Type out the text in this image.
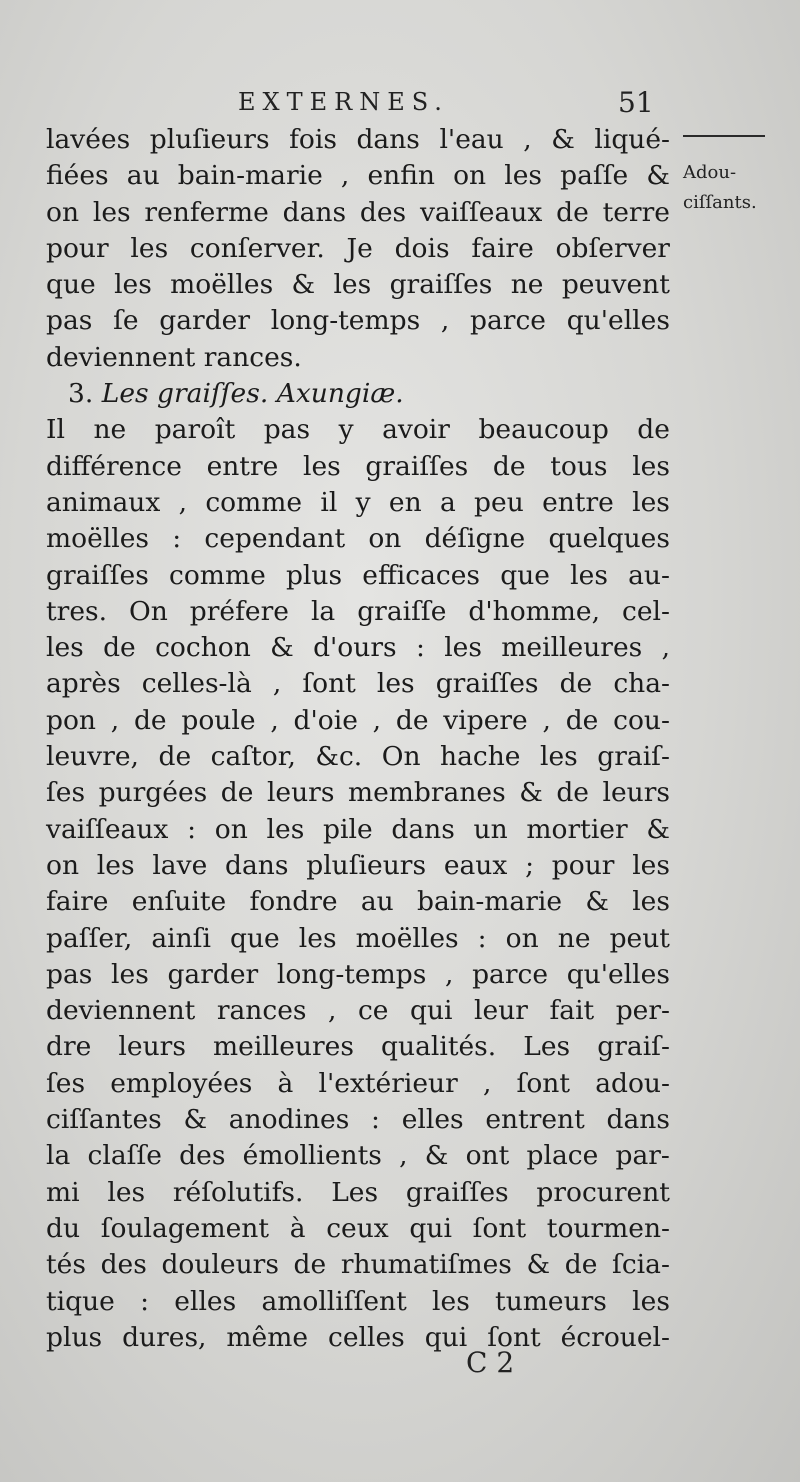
EXTERNES.	51
Adou-
ciſſants.
lavées pluſieurs fois dans l'eau , & liqué-
fiées au bain-marie , enfin on les paſſe &
on les renferme dans des vaiſſeaux de terre
pour les conſerver. Je dois faire obſerver
que les moëlles & les graiſſes ne peuvent
pas ſe garder long-temps , parce qu'elles
deviennent rances.
3.
Les graiſſes. Axungiæ.
Il ne paroît pas y avoir beaucoup de
différence entre les graiſſes de tous les
animaux , comme il y en a peu entre les
moëlles : cependant on déſigne quelques
graiſſes comme plus efficaces que les au-
tres. On préfere la graiſſe d'homme, cel-
les de cochon & d'ours : les meilleures ,
après celles-là , ſont les graiſſes de cha-
pon , de poule , d'oie , de vipere , de cou-
leuvre, de caſtor, &c. On hache les graiſ-
ſes purgées de leurs membranes & de leurs
vaiſſeaux : on les pile dans un mortier &
on les lave dans pluſieurs eaux ; pour les
faire enſuite fondre au bain-marie & les
paſſer, ainſi que les moëlles : on ne peut
pas les garder long-temps , parce qu'elles
deviennent rances , ce qui leur fait per-
dre leurs meilleures qualités. Les graiſ-
ſes employées à l'extérieur , ſont adou-
ciſſantes & anodines : elles entrent dans
la claſſe des émollients , & ont place par-
mi les réſolutifs. Les graiſſes procurent
du ſoulagement à ceux qui ſont tourmen-
tés des douleurs de rhumatiſmes & de ſcia-
tique : elles amolliſſent les tumeurs les
plus dures, même celles qui ſont écrouel-
C 2
